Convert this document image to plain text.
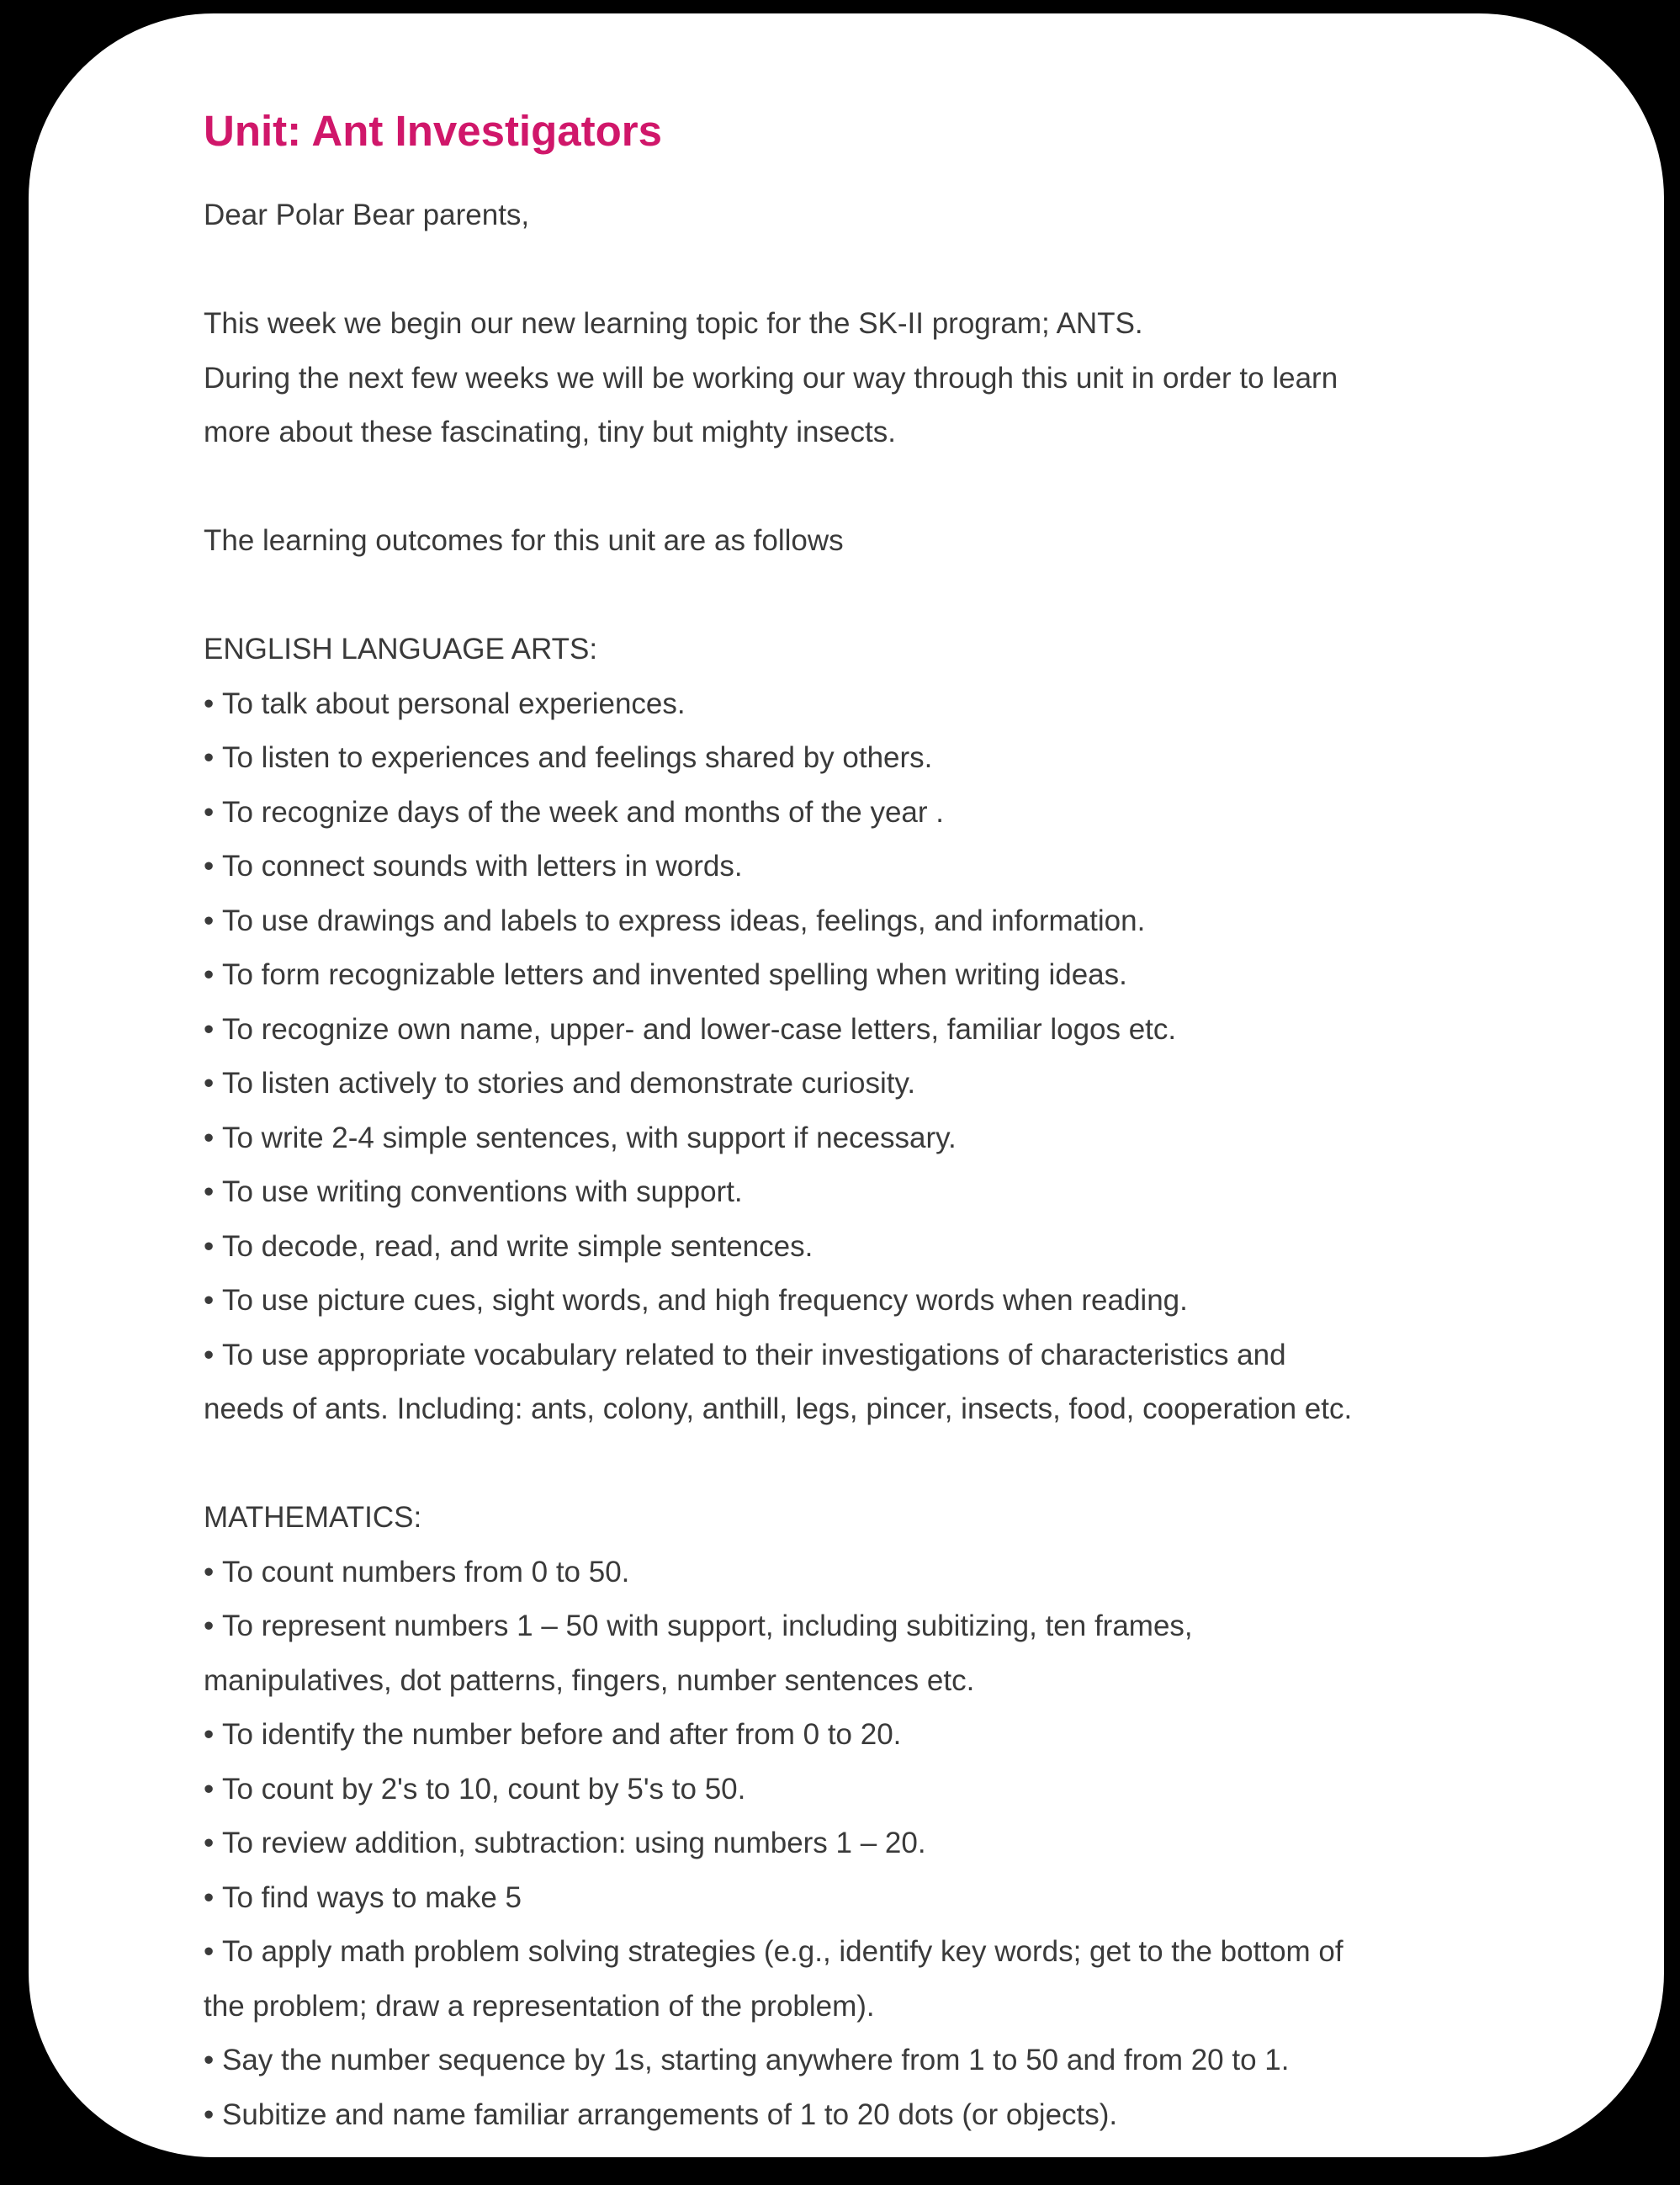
Unit: Ant Investigators

Dear Polar Bear parents,

This week we begin our new learning topic for the SK-II program; ANTS.

During the next few weeks we will be working our way through this unit in order to learn

more about these fascinating, tiny but mighty insects.

The learning outcomes for this unit are as follows

ENGLISH LANGUAGE ARTS:

• To talk about personal experiences.

• To listen to experiences and feelings shared by others.

• To recognize days of the week and months of the year .

• To connect sounds with letters in words.

• To use drawings and labels to express ideas, feelings, and information.

• To form recognizable letters and invented spelling when writing ideas.

• To recognize own name, upper- and lower-case letters, familiar logos etc.

• To listen actively to stories and demonstrate curiosity.

• To write 2-4 simple sentences, with support if necessary.

• To use writing conventions with support.

• To decode, read, and write simple sentences.

• To use picture cues, sight words, and high frequency words when reading.

• To use appropriate vocabulary related to their investigations of characteristics and

needs of ants. Including: ants, colony, anthill, legs, pincer, insects, food, cooperation etc.

MATHEMATICS:

• To count numbers from 0 to 50.

• To represent numbers 1 – 50 with support, including subitizing, ten frames,

manipulatives, dot patterns, fingers, number sentences etc.

• To identify the number before and after from 0 to 20.

• To count by 2's to 10, count by 5's to 50.

• To review addition, subtraction: using numbers 1 – 20.

• To find ways to make 5

• To apply math problem solving strategies (e.g., identify key words; get to the bottom of

the problem; draw a representation of the problem).

• Say the number sequence by 1s, starting anywhere from 1 to 50 and from 20 to 1.

• Subitize and name familiar arrangements of 1 to 20 dots (or objects).
